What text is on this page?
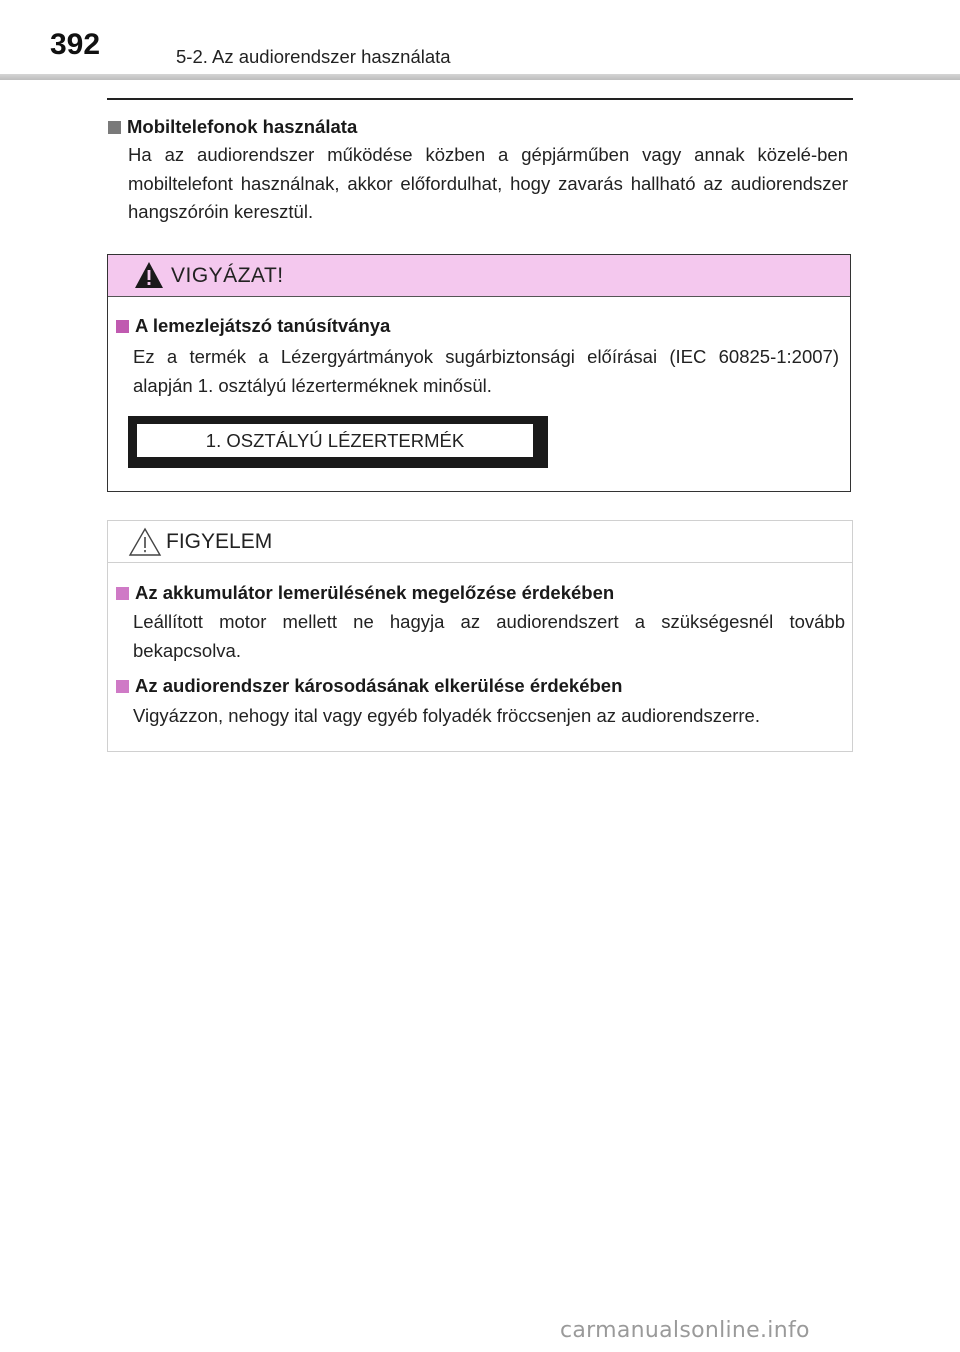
392	5-2. Az audiorendszer használata
Mobiltelefonok használata
Ha az audiorendszer működése közben a gépjárműben vagy annak közelé-ben mobiltelefont használnak, akkor előfordulhat, hogy zavarás hallható az audiorendszer hangszóróin keresztül.
VIGYÁZAT!
A lemezlejátszó tanúsítványa
Ez a termék a Lézergyártmányok sugárbiztonsági előírásai (IEC 60825-1:2007) alapján 1. osztályú lézerterméknek minősül.
1. OSZTÁLYÚ LÉZERTERMÉK
FIGYELEM
Az akkumulátor lemerülésének megelőzése érdekében
Leállított motor mellett ne hagyja az audiorendszert a szükségesnél tovább bekapcsolva.
Az audiorendszer károsodásának elkerülése érdekében
Vigyázzon, nehogy ital vagy egyéb folyadék fröccsenjen az audiorendszerre.
carmanualsonline.info
